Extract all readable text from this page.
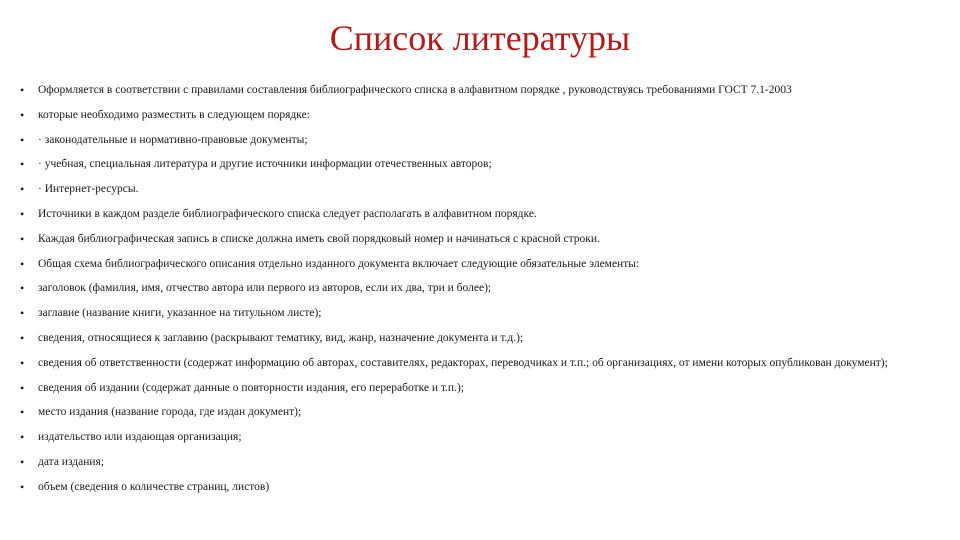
Список литературы
• Оформляется в соответствии с правилами составления библиографического списка в алфавитном порядке , руководствуясь требованиями ГОСТ 7.1-2003
• которые необходимо разместить в следующем порядке:
• · законодательные и нормативно-правовые документы;
• · учебная, специальная литература и другие источники информации отечественных авторов;
• · Интернет-ресурсы.
• Источники в каждом разделе библиографического списка следует располагать в алфавитном порядке.
• Каждая библиографическая запись в списке должна иметь свой порядковый номер и начинаться с красной строки.
• Общая схема библиографического описания отдельно изданного документа включает следующие обязательные элементы:
• заголовок (фамилия, имя, отчество автора или первого из авторов, если их два, три и более);
• заглавие (название книги, указанное на титульном листе);
• сведения, относящиеся к заглавию (раскрывают тематику, вид, жанр, назначение документа и т.д.);
• сведения об ответственности (содержат информацию об авторах, составителях, редакторах, переводчиках и т.п.; об организациях, от имени которых опубликован документ);
• сведения об издании (содержат данные о повторности издания, его переработке и т.п.);
• место издания (название города, где издан документ);
• издательство или издающая организация;
• дата издания;
• объем (сведения о количестве страниц, листов)
